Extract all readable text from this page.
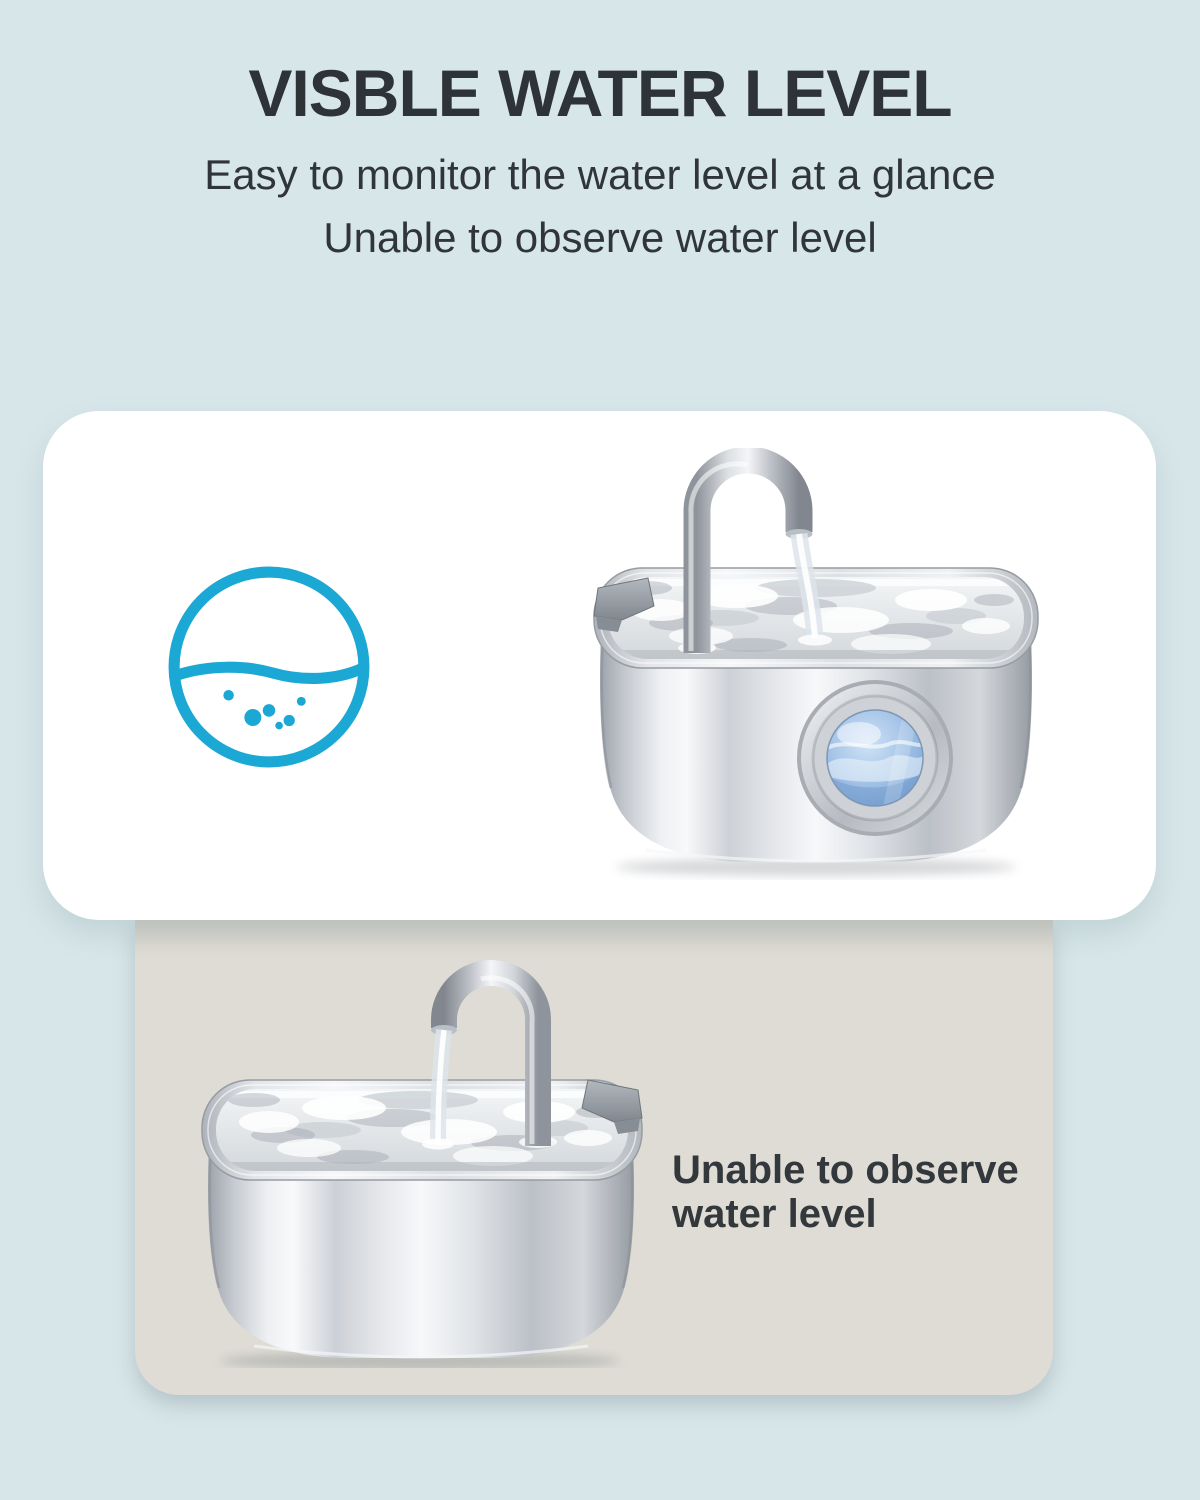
VISBLE WATER LEVEL
Easy to monitor the water level at a glance
Unable to observe water level
Unable to observe
water level
